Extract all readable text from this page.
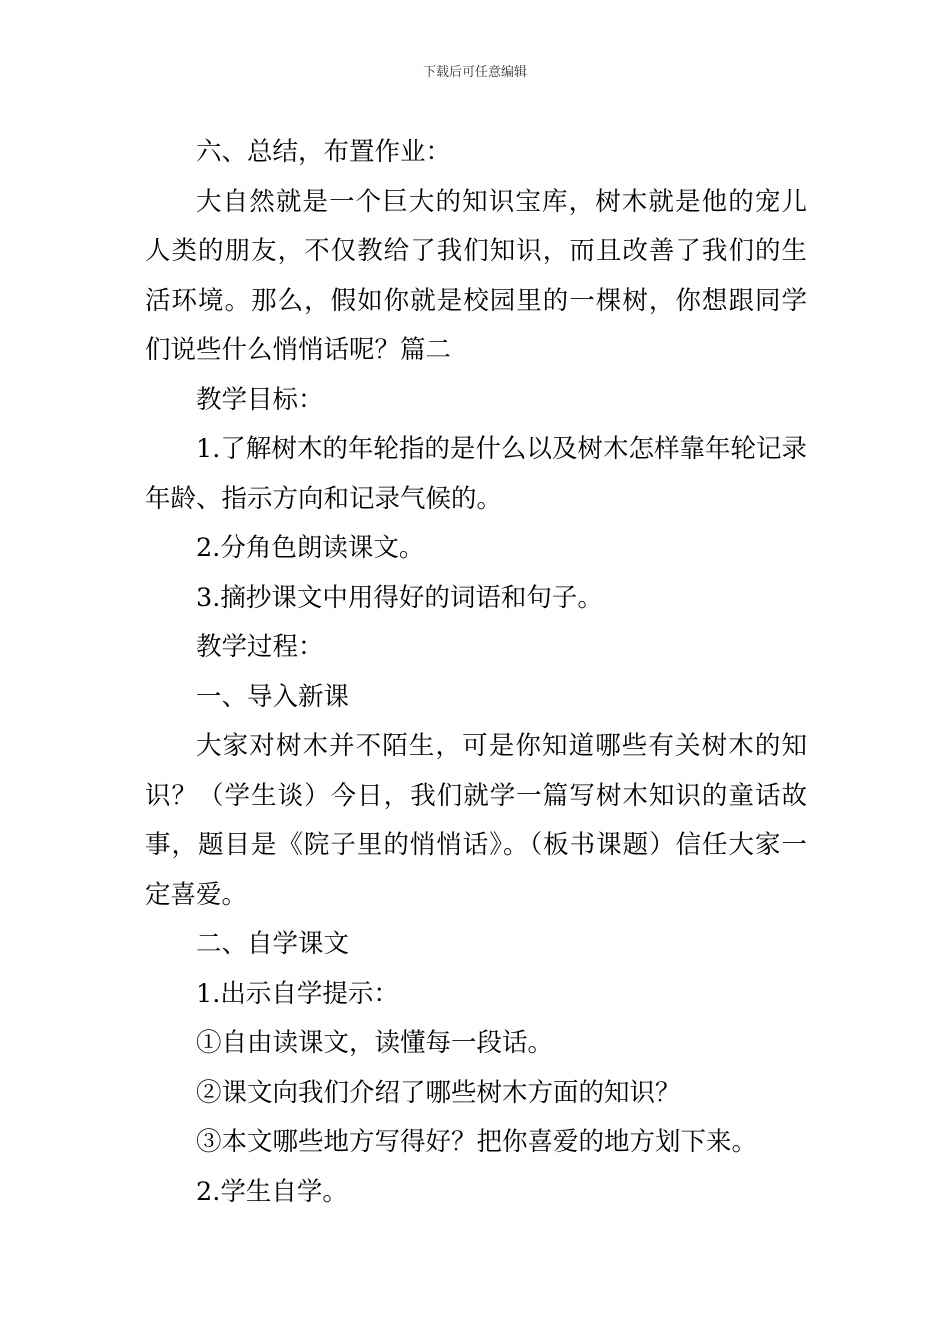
下载后可任意编辑

六、总结，布置作业：

大自然就是一个巨大的知识宝库，树木就是他的宠儿人类的朋友，不仅教给了我们知识，而且改善了我们的生活环境。那么，假如你就是校园里的一棵树，你想跟同学们说些什么悄悄话呢？篇二

教学目标：

1.了解树木的年轮指的是什么以及树木怎样靠年轮记录年龄、指示方向和记录气候的。

2.分角色朗读课文。

3.摘抄课文中用得好的词语和句子。

教学过程：

一、导入新课

大家对树木并不陌生，可是你知道哪些有关树木的知识？（学生谈）今日，我们就学一篇写树木知识的童话故事，题目是《院子里的悄悄话》。（板书课题）信任大家一定喜爱。

二、自学课文

1.出示自学提示：

①自由读课文，读懂每一段话。

②课文向我们介绍了哪些树木方面的知识？

③本文哪些地方写得好？把你喜爱的地方划下来。

2.学生自学。
